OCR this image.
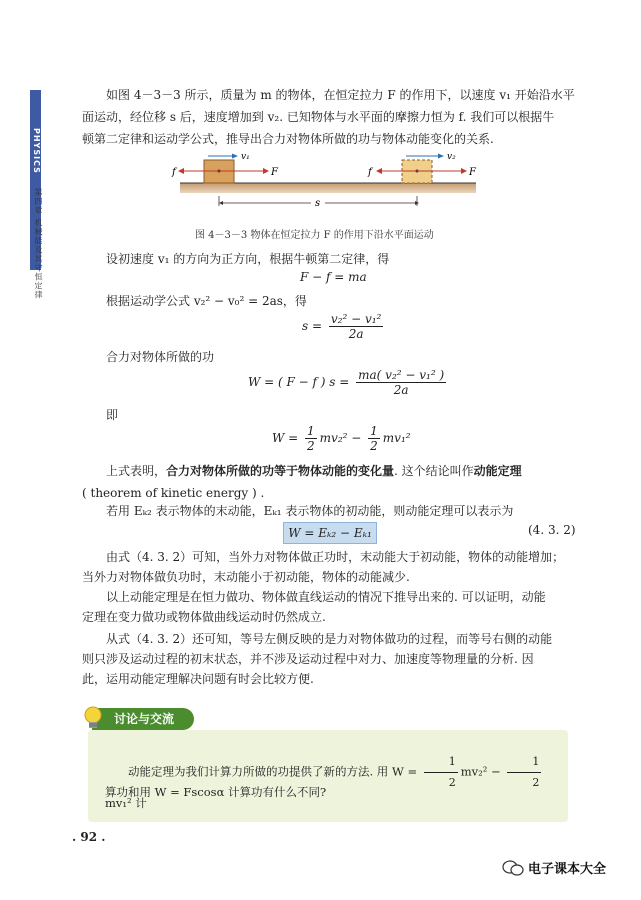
PHYSICS
第四章 机械能及其守恒定律
如图 4－3－3 所示，质量为 m 的物体，在恒定拉力 F 的作用下，以速度 v₁ 开始沿水平
面运动，经位移 s 后，速度增加到 v₂. 已知物体与水平面的摩擦力恒为 f. 我们可以根据牛
顿第二定律和运动学公式，推导出合力对物体所做的功与物体动能变化的关系.
f	F
v₁
f	F
v₂
s
图 4－3－3 物体在恒定拉力 F 的作用下沿水平面运动
设初速度 v₁ 的方向为正方向，根据牛顿第二定律，得
F − f = ma
根据运动学公式 v₂² − v₀² = 2as，得
$s = \frac{\text{v₂² − v₁²}}{2a}$
合力对物体所做的功
W = ( F − f ) $s = \frac{\text{ma( v₂² − v₁² )}}{2a}$
即
$W = \frac{1}{2} mv_2^2 - \frac{1}{2} mv_1^2$
上式表明，合力对物体所做的功等于物体动能的变化量. 这个结论叫作动能定理
( theorem of kinetic energy ) .
若用 Eₖ₂ 表示物体的末动能，Eₖ₁ 表示物体的初动能，则动能定理可以表示为
W = Eₖ₂ − Eₖ₁	(4. 3. 2)
由式（4. 3. 2）可知，当外力对物体做正功时，末动能大于初动能，物体的动能增加；
当外力对物体做负功时，末动能小于初动能，物体的动能减少.
以上动能定理是在恒力做功、物体做直线运动的情况下推导出来的. 可以证明，动能
定理在变力做功或物体做曲线运动时仍然成立.
从式（4. 3. 2）还可知，等号左侧反映的是力对物体做功的过程，而等号右侧的动能
则只涉及运动过程的初末状态，并不涉及运动过程中对力、加速度等物理量的分析. 因
此，运用动能定理解决问题有时会比较方便.
讨论与交流
动能定理为我们计算力所做的功提供了新的方法. 用 $W = \frac{1}{2} mv_2^2 - \frac{1}{2}$
mv₁² 计
算功和用 W = Fscosα 计算功有什么不同?
. 92 .
电子课本大全
